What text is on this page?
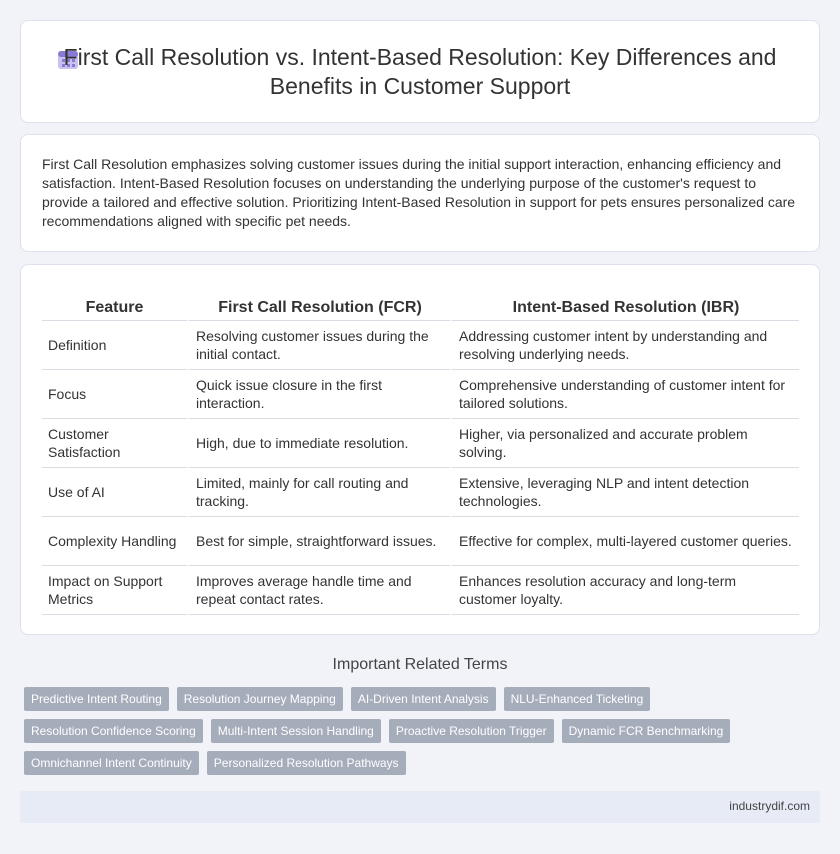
First Call Resolution vs. Intent-Based Resolution: Key Differences and Benefits in Customer Support

First Call Resolution emphasizes solving customer issues during the initial support interaction, enhancing efficiency and satisfaction. Intent-Based Resolution focuses on understanding the underlying purpose of the customer's request to provide a tailored and effective solution. Prioritizing Intent-Based Resolution in support for pets ensures personalized care recommendations aligned with specific pet needs.

Feature	First Call Resolution (FCR)	Intent-Based Resolution (IBR)
Definition	Resolving customer issues during the initial contact.	Addressing customer intent by understanding and resolving underlying needs.
Focus	Quick issue closure in the first interaction.	Comprehensive understanding of customer intent for tailored solutions.
Customer Satisfaction	High, due to immediate resolution.	Higher, via personalized and accurate problem solving.
Use of AI	Limited, mainly for call routing and tracking.	Extensive, leveraging NLP and intent detection technologies.
Complexity Handling	Best for simple, straightforward issues.	Effective for complex, multi-layered customer queries.
Impact on Support Metrics	Improves average handle time and repeat contact rates.	Enhances resolution accuracy and long-term customer loyalty.
Important Related Terms
Predictive Intent Routing	Resolution Journey Mapping	AI-Driven Intent Analysis	NLU-Enhanced Ticketing
Resolution Confidence Scoring	Multi-Intent Session Handling	Proactive Resolution Trigger	Dynamic FCR Benchmarking
Omnichannel Intent Continuity	Personalized Resolution Pathways
industrydif.com
